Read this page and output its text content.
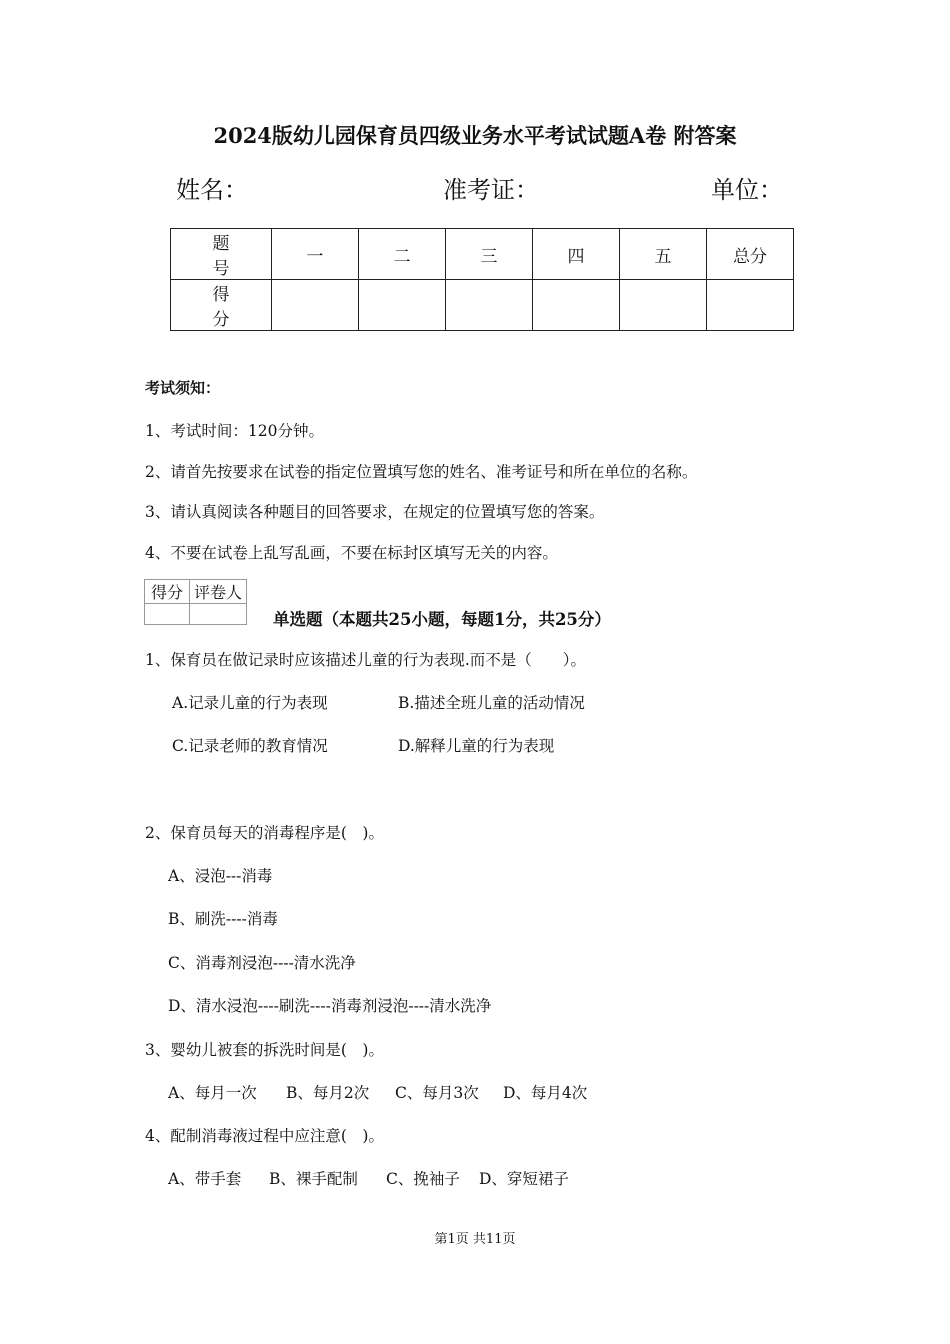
2024版幼儿园保育员四级业务水平考试试题A卷 附答案
姓名：	准考证：	单位：
题　号	一	二	三	四	五	总分
得　分						
考试须知：
1、考试时间：120分钟。
2、请首先按要求在试卷的指定位置填写您的姓名、准考证号和所在单位的名称。
3、请认真阅读各种题目的回答要求，在规定的位置填写您的答案。
4、不要在试卷上乱写乱画，不要在标封区填写无关的内容。
得分	评卷人

单选题（本题共25小题，每题1分，共25分）
1、保育员在做记录时应该描述儿童的行为表现.而不是（　　）。
A.记录儿童的行为表现	B.描述全班儿童的活动情况
C.记录老师的教育情况	D.解释儿童的行为表现
2、保育员每天的消毒程序是(　)。
A、浸泡---消毒
B、刷洗----消毒
C、消毒剂浸泡----清水洗净
D、清水浸泡----刷洗----消毒剂浸泡----清水洗净
3、婴幼儿被套的拆洗时间是(　)。
A、每月一次 B、每月2次 C、每月3次 D、每月4次
4、配制消毒液过程中应注意(　)。
A、带手套 B、裸手配制 C、挽袖子 D、穿短裙子
第1页 共11页
